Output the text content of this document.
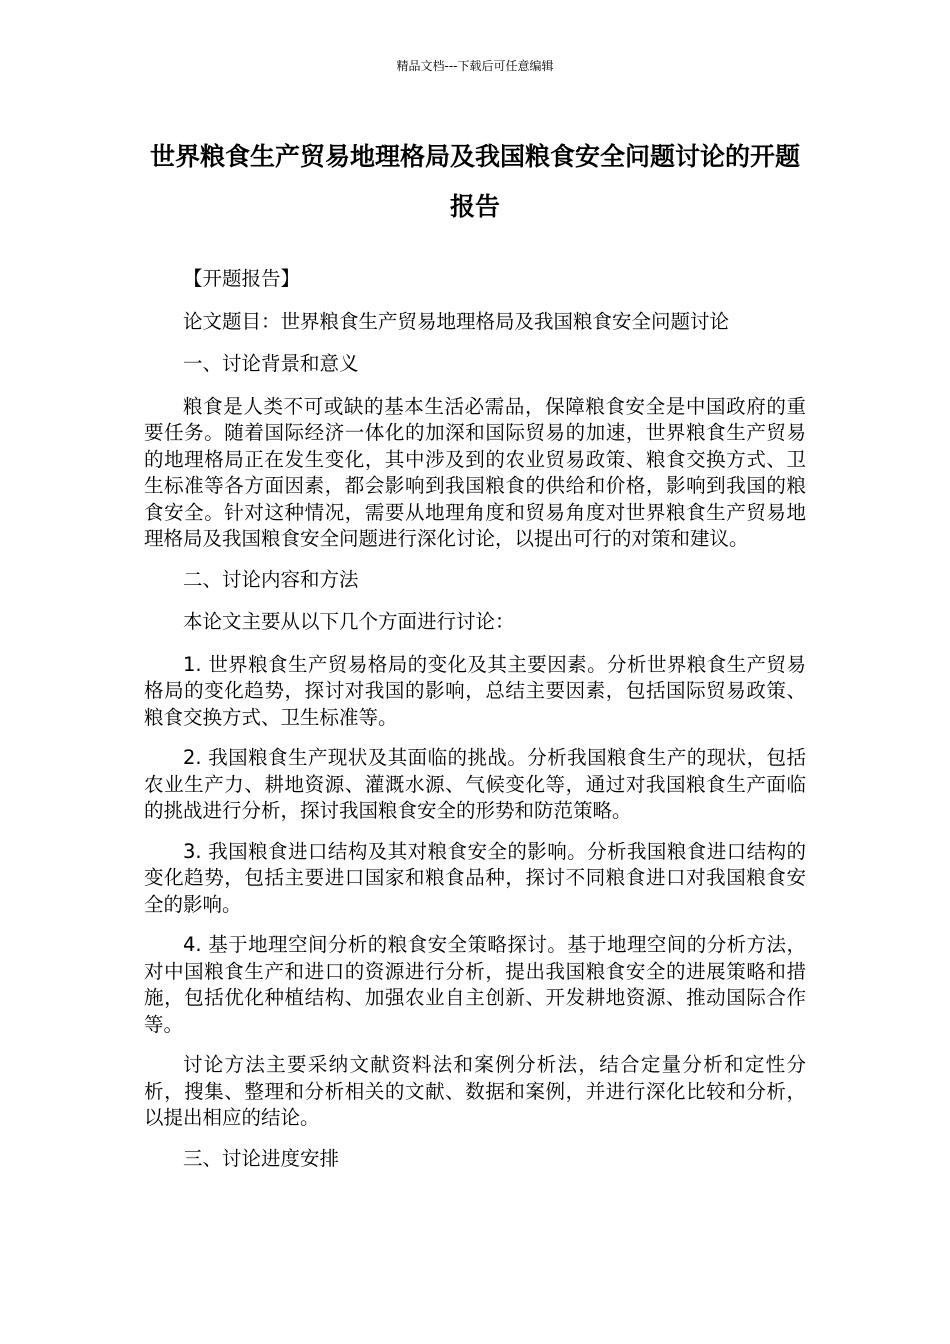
精品文档---下载后可任意编辑
世界粮食生产贸易地理格局及我国粮食安全问题讨论的开题报告

【开题报告】

论文题目：世界粮食生产贸易地理格局及我国粮食安全问题讨论

一、讨论背景和意义

粮食是人类不可或缺的基本生活必需品，保障粮食安全是中国政府的重要任务。随着国际经济一体化的加深和国际贸易的加速，世界粮食生产贸易的地理格局正在发生变化，其中涉及到的农业贸易政策、粮食交换方式、卫生标准等各方面因素，都会影响到我国粮食的供给和价格，影响到我国的粮食安全。针对这种情况，需要从地理角度和贸易角度对世界粮食生产贸易地理格局及我国粮食安全问题进行深化讨论，以提出可行的对策和建议。

二、讨论内容和方法

本论文主要从以下几个方面进行讨论：

1. 世界粮食生产贸易格局的变化及其主要因素。分析世界粮食生产贸易格局的变化趋势，探讨对我国的影响，总结主要因素，包括国际贸易政策、粮食交换方式、卫生标准等。

2. 我国粮食生产现状及其面临的挑战。分析我国粮食生产的现状，包括农业生产力、耕地资源、灌溉水源、气候变化等，通过对我国粮食生产面临的挑战进行分析，探讨我国粮食安全的形势和防范策略。

3. 我国粮食进口结构及其对粮食安全的影响。分析我国粮食进口结构的变化趋势，包括主要进口国家和粮食品种，探讨不同粮食进口对我国粮食安全的影响。

4. 基于地理空间分析的粮食安全策略探讨。基于地理空间的分析方法，对中国粮食生产和进口的资源进行分析，提出我国粮食安全的进展策略和措施，包括优化种植结构、加强农业自主创新、开发耕地资源、推动国际合作等。

讨论方法主要采纳文献资料法和案例分析法，结合定量分析和定性分析，搜集、整理和分析相关的文献、数据和案例，并进行深化比较和分析，以提出相应的结论。

三、讨论进度安排
